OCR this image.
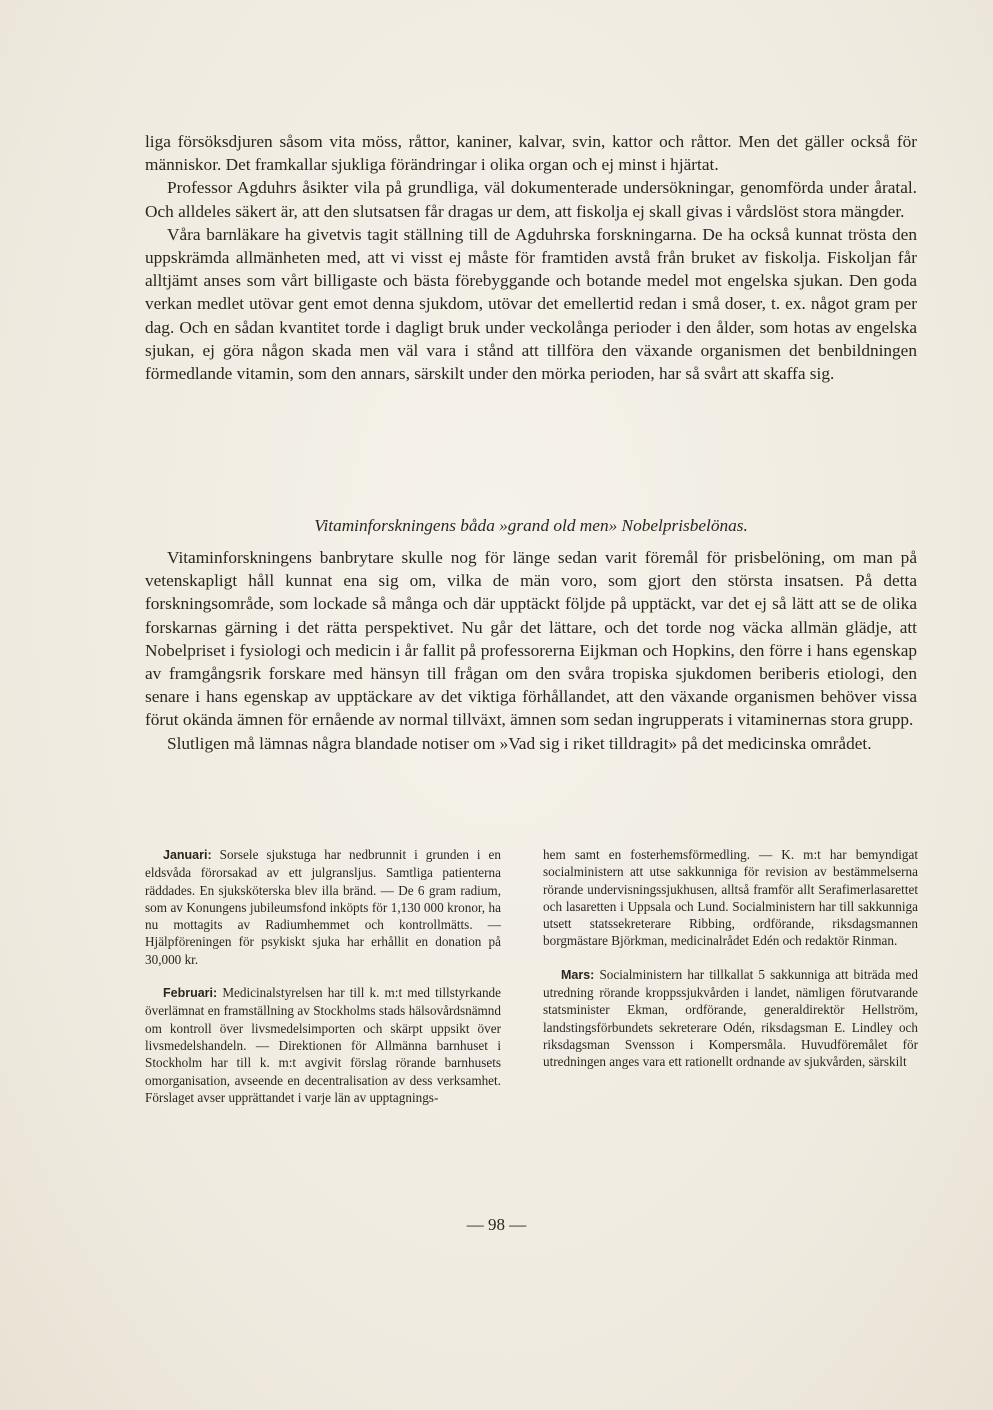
liga försöksdjuren såsom vita möss, råttor, kaniner, kalvar, svin, kattor och råttor. Men det gäller också för människor. Det framkallar sjukliga förändringar i olika organ och ej minst i hjärtat.

Professor Agduhrs åsikter vila på grundliga, väl dokumenterade undersökningar, genomförda under åratal. Och alldeles säkert är, att den slutsatsen får dragas ur dem, att fiskolja ej skall givas i vårdslöst stora mängder.

Våra barnläkare ha givetvis tagit ställning till de Agduhrska forskningarna. De ha också kunnat trösta den uppskrämda allmänheten med, att vi visst ej måste för framtiden avstå från bruket av fiskolja. Fiskoljan får alltjämt anses som vårt billigaste och bästa förebyggande och botande medel mot engelska sjukan. Den goda verkan medlet utövar gent emot denna sjukdom, utövar det emellertid redan i små doser, t. ex. något gram per dag. Och en sådan kvantitet torde i dagligt bruk under veckolånga perioder i den ålder, som hotas av engelska sjukan, ej göra någon skada men väl vara i stånd att tillföra den växande organismen det benbildningen förmedlande vitamin, som den annars, särskilt under den mörka perioden, har så svårt att skaffa sig.

Vitaminforskningens båda »grand old men» Nobelprisbelönas.

Vitaminforskningens banbrytare skulle nog för länge sedan varit föremål för prisbelöning, om man på vetenskapligt håll kunnat ena sig om, vilka de män voro, som gjort den största insatsen. På detta forskningsområde, som lockade så många och där upptäckt följde på upptäckt, var det ej så lätt att se de olika forskarnas gärning i det rätta perspektivet. Nu går det lättare, och det torde nog väcka allmän glädje, att Nobelpriset i fysiologi och medicin i år fallit på professorerna Eijkman och Hopkins, den förre i hans egenskap av framgångsrik forskare med hänsyn till frågan om den svåra tropiska sjukdomen beriberis etiologi, den senare i hans egenskap av upptäckare av det viktiga förhållandet, att den växande organismen behöver vissa förut okända ämnen för ernående av normal tillväxt, ämnen som sedan ingrupperats i vitaminernas stora grupp.

Slutligen må lämnas några blandade notiser om »Vad sig i riket tilldragit» på det medicinska området.

Januari: Sorsele sjukstuga har nedbrunnit i grunden i en eldsvåda förorsakad av ett julgransljus. Samtliga patienterna räddades. En sjuksköterska blev illa bränd. — De 6 gram radium, som av Konungens jubileumsfond inköpts för 1,130 000 kronor, ha nu mottagits av Radiumhemmet och kontrollmätts. — Hjälpföreningen för psykiskt sjuka har erhållit en donation på 30,000 kr.

Februari: Medicinalstyrelsen har till k. m:t med tillstyrkande överlämnat en framställning av Stockholms stads hälsovårdsnämnd om kontroll över livsmedelsimporten och skärpt uppsikt över livsmedelshandeln. — Direktionen för Allmänna barnhuset i Stockholm har till k. m:t avgivit förslag rörande barnhusets omorganisation, avseende en decentralisation av dess verksamhet. Förslaget avser upprättandet i varje län av upptagnings-

hem samt en fosterhemsförmedling. — K. m:t har bemyndigat socialministern att utse sakkunniga för revision av bestämmelserna rörande undervisningssjukhusen, alltså framför allt Serafimerlasarettet och lasaretten i Uppsala och Lund. Socialministern har till sakkunniga utsett statssekreterare Ribbing, ordförande, riksdagsmannen borgmästare Björkman, medicinalrådet Edén och redaktör Rinman.

Mars: Socialministern har tillkallat 5 sakkunniga att biträda med utredning rörande kroppssjukvården i landet, nämligen förutvarande statsminister Ekman, ordförande, generaldirektör Hellström, landstingsförbundets sekreterare Odén, riksdagsman E. Lindley och riksdagsman Svensson i Kompersmåla. Huvudföremålet för utredningen anges vara ett rationellt ordnande av sjukvården, särskilt

— 98 —
